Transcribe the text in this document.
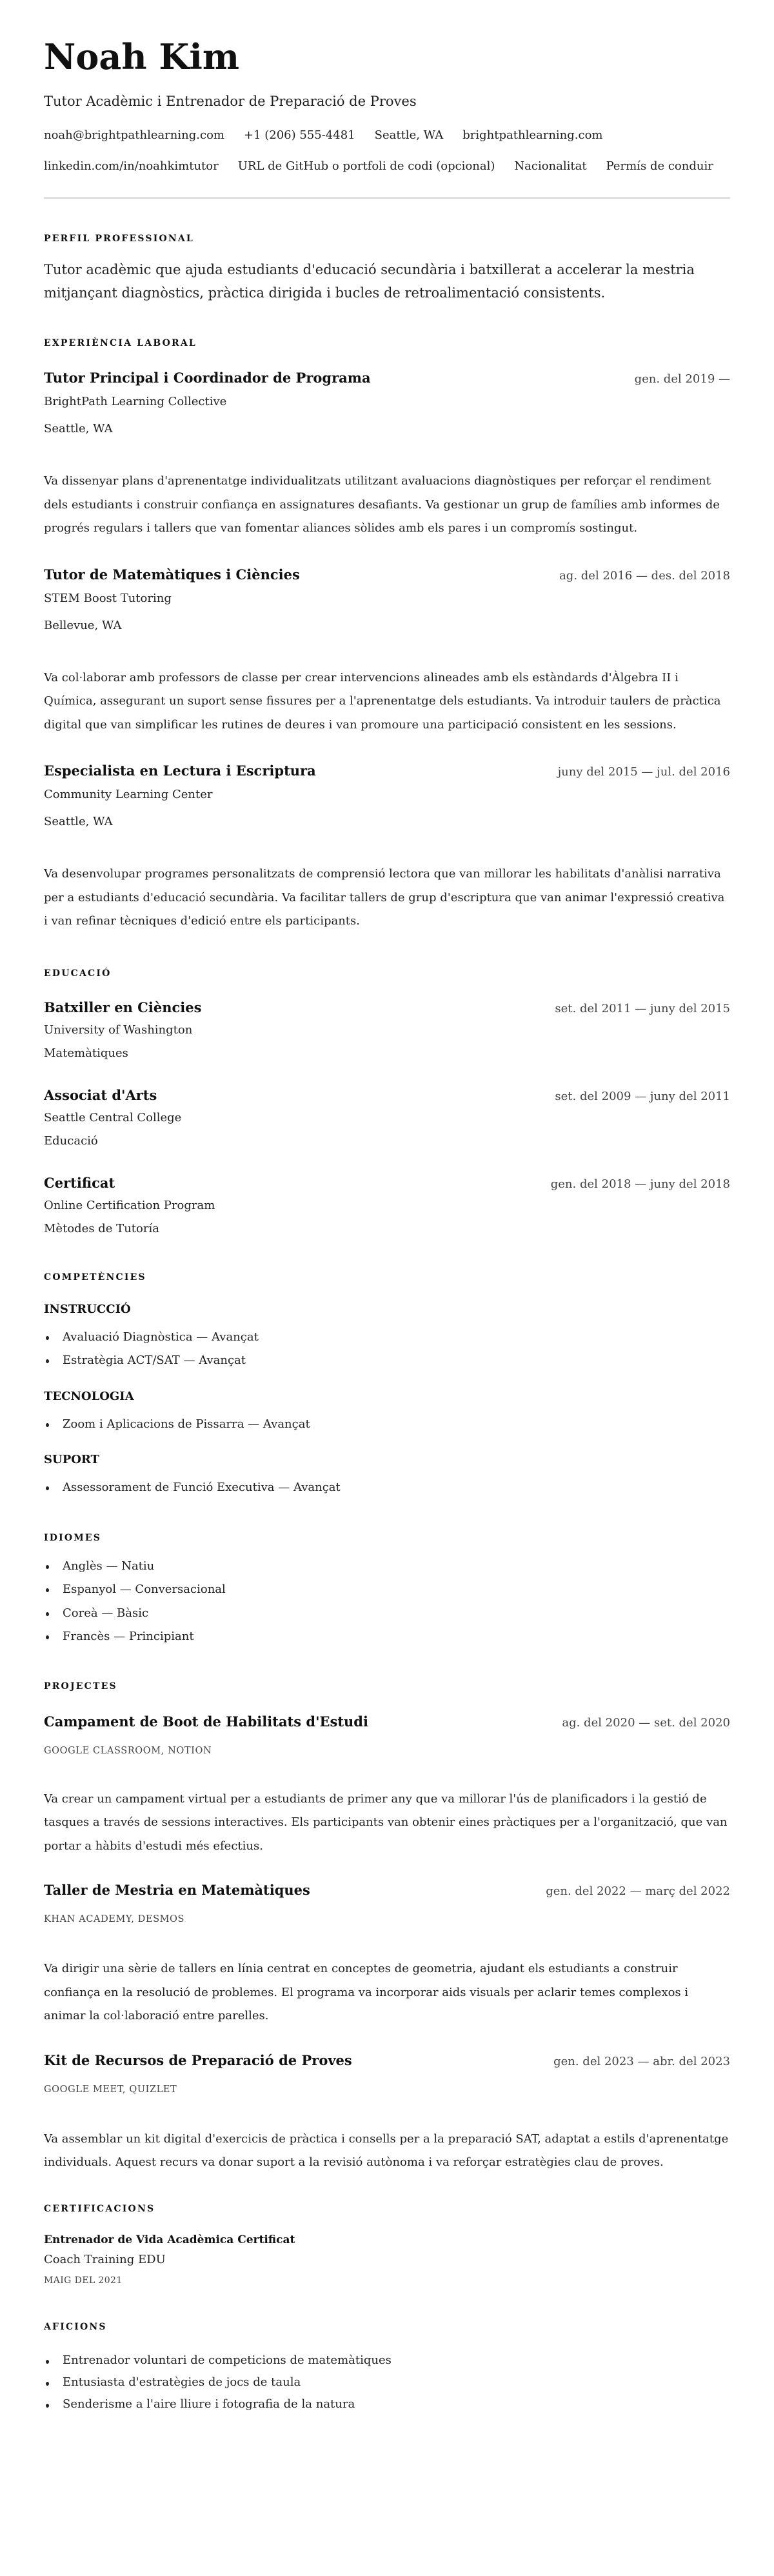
Noah Kim
Tutor Acadèmic i Entrenador de Preparació de Proves
noah@brightpathlearning.com +1 (206) 555-4481 Seattle, WA brightpathlearning.com
linkedin.com/in/noahkimtutor URL de GitHub o portfoli de codi (opcional) Nacionalitat Permís de conduir
PERFIL PROFESSIONAL

Tutor acadèmic que ajuda estudiants d'educació secundària i batxillerat a accelerar la mestria mitjançant diagnòstics, pràctica dirigida i bucles de retroalimentació consistents.

EXPERIÈNCIA LABORAL
Tutor Principal i Coordinador de Programa	gen. del 2019 —
BrightPath Learning Collective
Seattle, WA
Va dissenyar plans d'aprenentatge individualitzats utilitzant avaluacions diagnòstiques per reforçar el rendiment dels estudiants i construir confiança en assignatures desafiants. Va gestionar un grup de famílies amb informes de progrés regulars i tallers que van fomentar aliances sòlides amb els pares i un compromís sostingut.
Tutor de Matemàtiques i Ciències	ag. del 2016 — des. del 2018
STEM Boost Tutoring
Bellevue, WA
Va col·laborar amb professors de classe per crear intervencions alineades amb els estàndards d'Àlgebra II i Química, assegurant un suport sense fissures per a l'aprenentatge dels estudiants. Va introduir taulers de pràctica digital que van simplificar les rutines de deures i van promoure una participació consistent en les sessions.
Especialista en Lectura i Escriptura	juny del 2015 — jul. del 2016
Community Learning Center
Seattle, WA
Va desenvolupar programes personalitzats de comprensió lectora que van millorar les habilitats d'anàlisi narrativa per a estudiants d'educació secundària. Va facilitar tallers de grup d'escriptura que van animar l'expressió creativa i van refinar tècniques d'edició entre els participants.
EDUCACIÓ
Batxiller en Ciències	set. del 2011 — juny del 2015
University of Washington
Matemàtiques
Associat d'Arts	set. del 2009 — juny del 2011
Seattle Central College
Educació
Certificat	gen. del 2018 — juny del 2018
Online Certification Program
Mètodes de Tutoría
COMPETÈNCIES
INSTRUCCIÓ
Avaluació Diagnòstica — Avançat
Estratègia ACT/SAT — Avançat
TECNOLOGIA
Zoom i Aplicacions de Pissarra — Avançat
SUPORT
Assessorament de Funció Executiva — Avançat
IDIOMES
Anglès — Natiu
Espanyol — Conversacional
Coreà — Bàsic
Francès — Principiant
PROJECTES
Campament de Boot de Habilitats d'Estudi	ag. del 2020 — set. del 2020
GOOGLE CLASSROOM, NOTION
Va crear un campament virtual per a estudiants de primer any que va millorar l'ús de planificadors i la gestió de tasques a través de sessions interactives. Els participants van obtenir eines pràctiques per a l'organització, que van portar a hàbits d'estudi més efectius.
Taller de Mestria en Matemàtiques	gen. del 2022 — març del 2022
KHAN ACADEMY, DESMOS
Va dirigir una sèrie de tallers en línia centrat en conceptes de geometria, ajudant els estudiants a construir confiança en la resolució de problemes. El programa va incorporar aids visuals per aclarir temes complexos i animar la col·laboració entre parelles.
Kit de Recursos de Preparació de Proves	gen. del 2023 — abr. del 2023
GOOGLE MEET, QUIZLET
Va assemblar un kit digital d'exercicis de pràctica i consells per a la preparació SAT, adaptat a estils d'aprenentatge individuals. Aquest recurs va donar suport a la revisió autònoma i va reforçar estratègies clau de proves.
CERTIFICACIONS
Entrenador de Vida Acadèmica Certificat
Coach Training EDU
MAIG DEL 2021
AFICIONS
Entrenador voluntari de competicions de matemàtiques
Entusiasta d'estratègies de jocs de taula
Senderisme a l'aire lliure i fotografia de la natura
